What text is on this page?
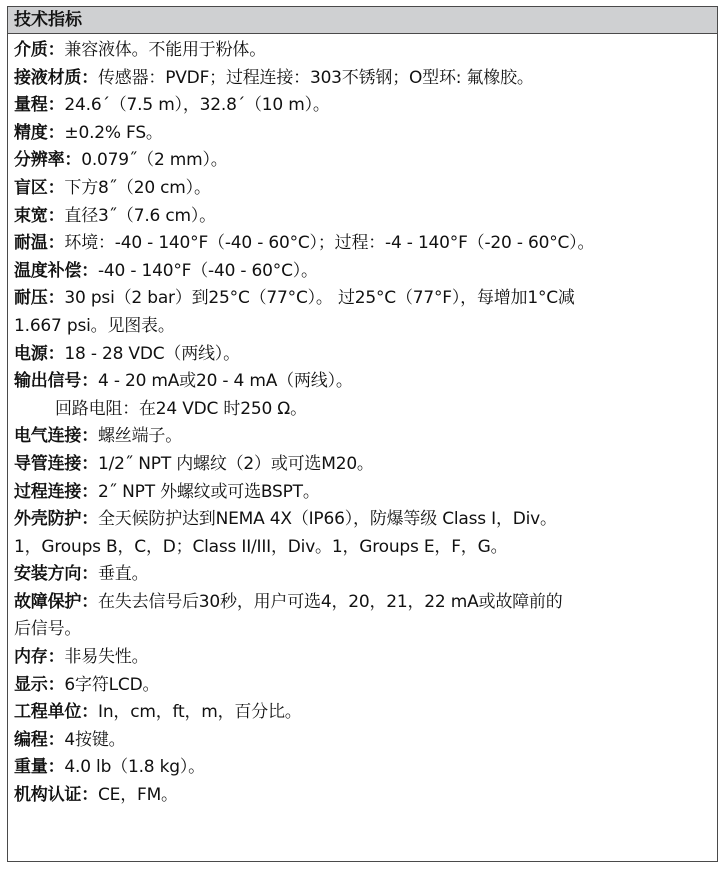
技术指标
介质：兼容液体。不能用于粉体。
接液材质：传感器：PVDF；过程连接：303不锈钢；O型环: 氟橡胶。
量程：24.6´（7.5 m），32.8´（10 m）。
精度：±0.2% FS。
分辨率：0.079˝（2 mm）。
盲区：下方8˝（20 cm）。
束宽：直径3˝（7.6 cm）。
耐温：环境：-40 - 140°F（-40 - 60°C）；过程：-4 - 140°F（-20 - 60°C）。
温度补偿：-40 - 140°F（-40 - 60°C）。
耐压：30 psi（2 bar）到25°C（77°C）。 过25°C（77°F），每增加1°C减
1.667 psi。见图表。
电源：18 - 28 VDC（两线）。
输出信号：4 - 20 mA或20 - 4 mA（两线）。
回路电阻：在24 VDC 时250 Ω。
电气连接：螺丝端子。
导管连接：1/2˝ NPT 内螺纹（2）或可选M20。
过程连接：2˝ NPT 外螺纹或可选BSPT。
外壳防护：全天候防护达到NEMA 4X（IP66），防爆等级 Class I，Div。
1，Groups B，C，D；Class II/III，Div。1，Groups E，F，G。
安装方向：垂直。
故障保护：在失去信号后30秒，用户可选4，20，21，22 mA或故障前的
后信号。
内存：非易失性。
显示：6字符LCD。
工程单位：In，cm，ft，m，百分比。
编程：4按键。
重量：4.0 lb（1.8 kg）。
机构认证：CE，FM。
